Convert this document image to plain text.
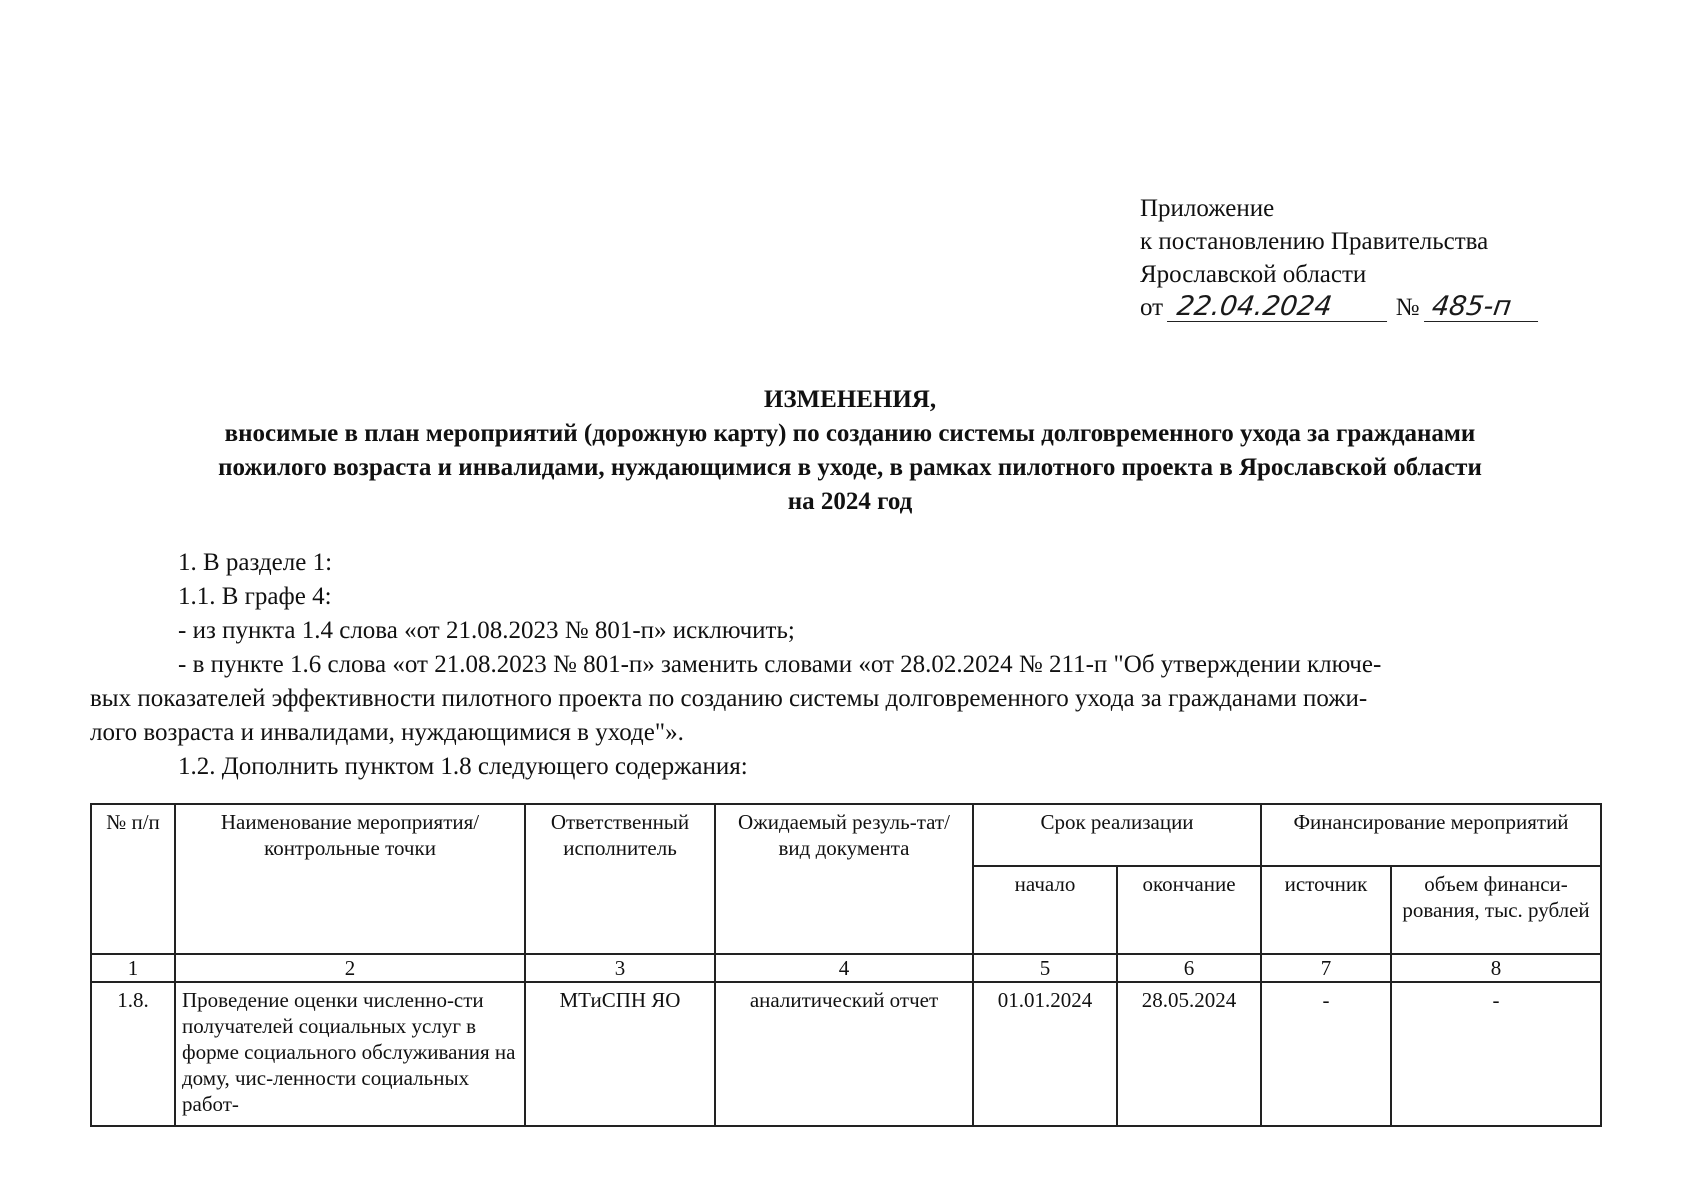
Приложение
к постановлению Правительства
Ярославской области
от 22.04.2024 № 485-п
ИЗМЕНЕНИЯ,
вносимые в план мероприятий (дорожную карту) по созданию системы долговременного ухода за гражданами
пожилого возраста и инвалидами, нуждающимися в уходе, в рамках пилотного проекта в Ярославской области
на 2024 год
1. В разделе 1:
1.1. В графе 4:
- из пункта 1.4 слова «от 21.08.2023 № 801-п» исключить;
- в пункте 1.6 слова «от 21.08.2023 № 801-п» заменить словами «от 28.02.2024 № 211-п "Об утверждении ключе-
вых показателей эффективности пилотного проекта по созданию системы долговременного ухода за гражданами пожи-
лого возраста и инвалидами, нуждающимися в уходе"».
1.2. Дополнить пунктом 1.8 следующего содержания:
№ п/п	Наименование мероприятия/ контрольные точки	Ответственный исполнитель	Ожидаемый резуль-тат/ вид документа	Срок реализации		Финансирование мероприятий	
				начало	окончание	источник	объем финанси-рования, тыс. рублей
1	2	3	4	5	6	7	8
1.8.	Проведение оценки численно-сти получателей социальных услуг в форме социального обслуживания на дому, чис-ленности социальных работ-	МТиСПН ЯО	аналитический отчет	01.01.2024	28.05.2024	-	-
